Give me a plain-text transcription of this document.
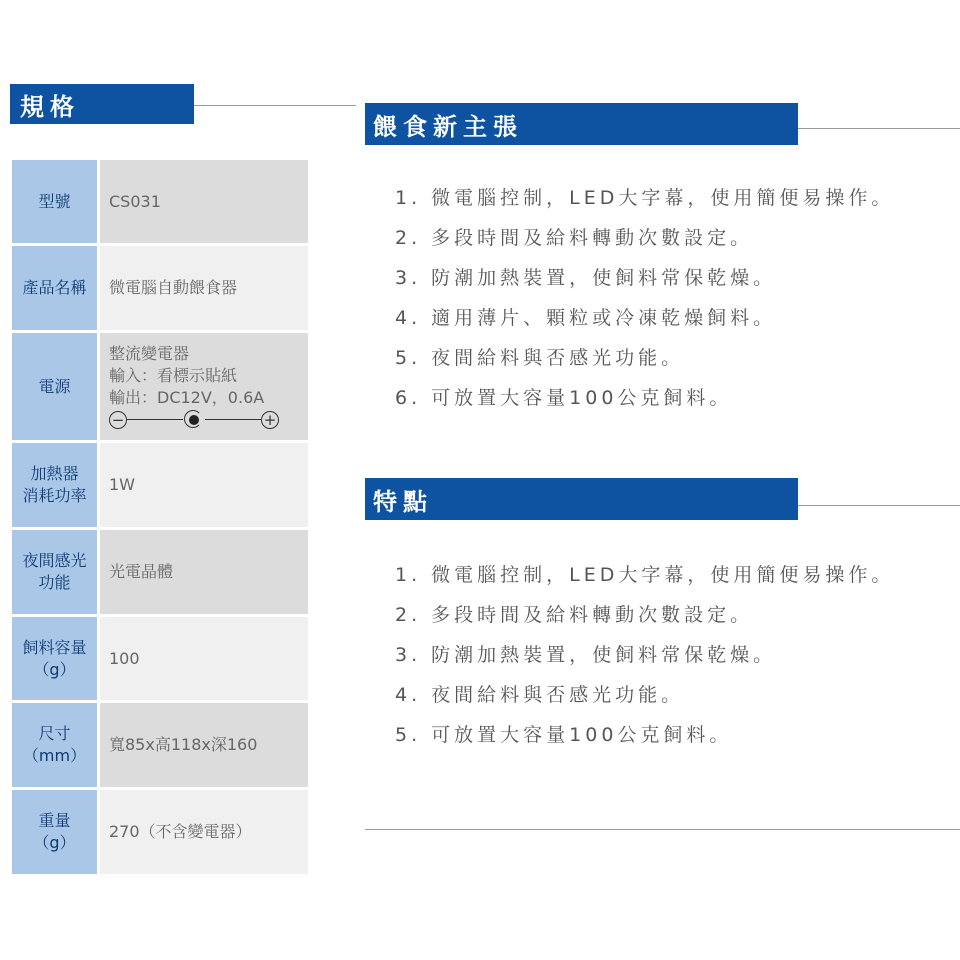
規格
型號	CS031
產品名稱	微電腦自動餵食器
電源	整流變電器
輸入：看標示貼紙
輸出：DC12V，0.6A
− +

加熱器
消耗功率	1W

夜間感光
功能	光電晶體

飼料容量
（g）	100

尺寸
（mm）	寬85x高118x深160

重量
（g）	270（不含變電器）
餵食新主張
1. 微電腦控制，LED大字幕，使用簡便易操作。
2. 多段時間及給料轉動次數設定。
3. 防潮加熱裝置，使飼料常保乾燥。
4. 適用薄片、顆粒或冷凍乾燥飼料。
5. 夜間給料與否感光功能。
6. 可放置大容量100公克飼料。
特點
1. 微電腦控制，LED大字幕，使用簡便易操作。
2. 多段時間及給料轉動次數設定。
3. 防潮加熱裝置，使飼料常保乾燥。
4. 夜間給料與否感光功能。
5. 可放置大容量100公克飼料。
